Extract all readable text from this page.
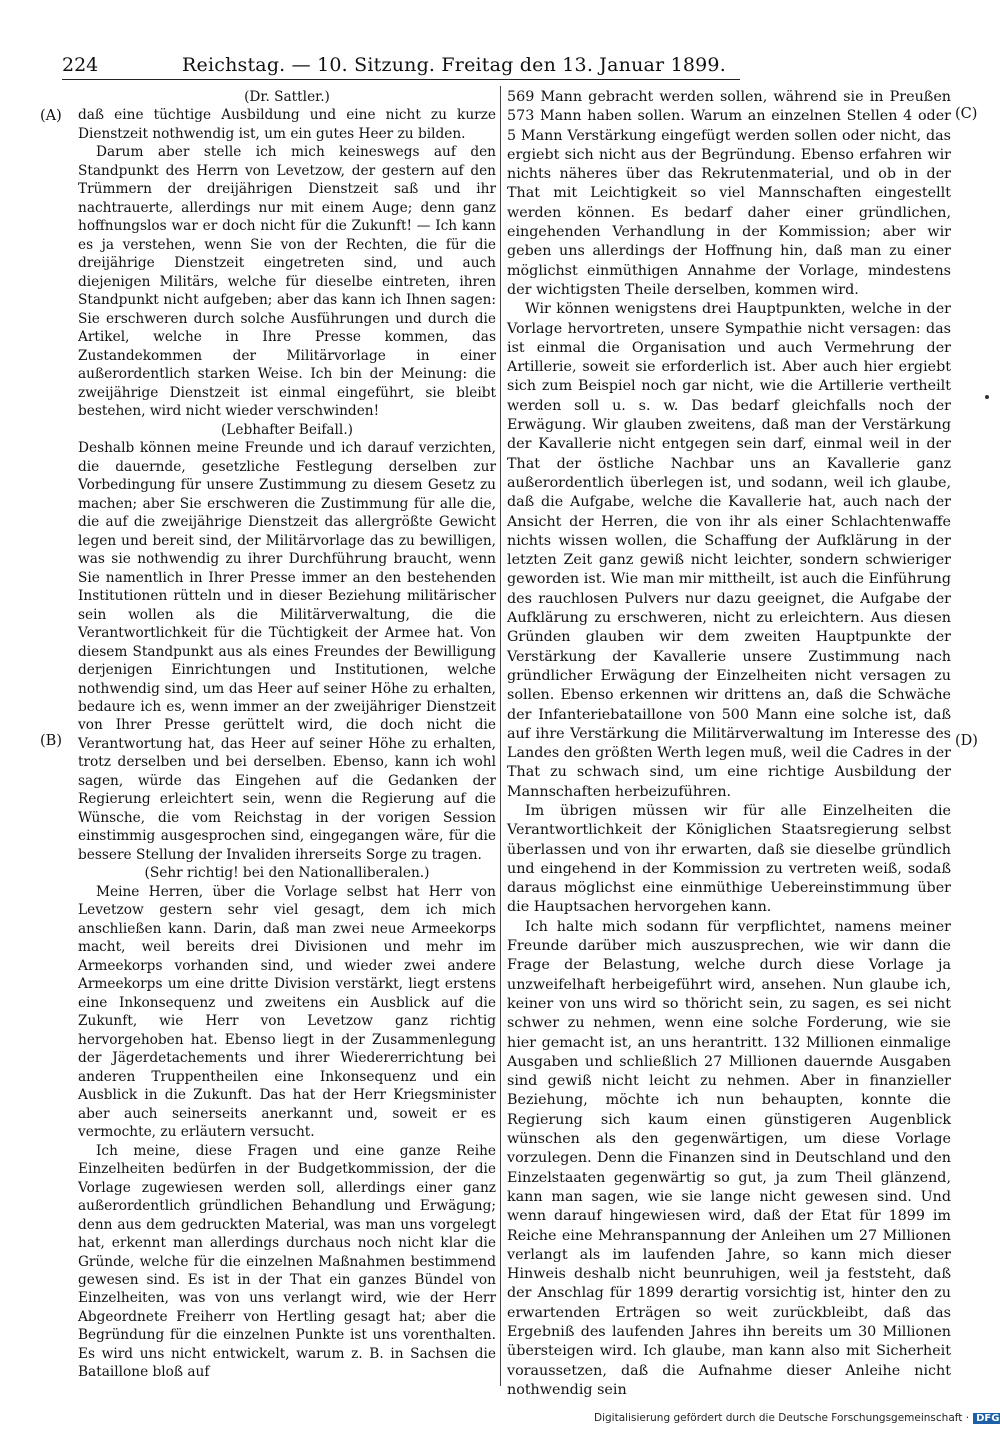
224	Reichstag. — 10. Sitzung. Freitag den 13. Januar 1899.
(A)
(B)
(C)
(D)

(Dr. Sattler.)

daß eine tüchtige Ausbildung und eine nicht zu kurze Dienstzeit nothwendig ist, um ein gutes Heer zu bilden.

Darum aber stelle ich mich keineswegs auf den Standpunkt des Herrn von Levetzow, der gestern auf den Trümmern der dreijährigen Dienstzeit saß und ihr nachtrauerte, allerdings nur mit einem Auge; denn ganz hoffnungslos war er doch nicht für die Zukunft! — Ich kann es ja verstehen, wenn Sie von der Rechten, die für die dreijährige Dienstzeit eingetreten sind, und auch diejenigen Militärs, welche für dieselbe eintreten, ihren Standpunkt nicht aufgeben; aber das kann ich Ihnen sagen: Sie erschweren durch solche Ausführungen und durch die Artikel, welche in Ihre Presse kommen, das Zustandekommen der Militärvorlage in einer außerordentlich starken Weise. Ich bin der Meinung: die zweijährige Dienstzeit ist einmal eingeführt, sie bleibt bestehen, wird nicht wieder verschwinden!

(Lebhafter Beifall.)

Deshalb können meine Freunde und ich darauf verzichten, die dauernde, gesetzliche Festlegung derselben zur Vorbedingung für unsere Zustimmung zu diesem Gesetz zu machen; aber Sie erschweren die Zustimmung für alle die, die auf die zweijährige Dienstzeit das allergrößte Gewicht legen und bereit sind, der Militärvorlage das zu bewilligen, was sie nothwendig zu ihrer Durchführung braucht, wenn Sie namentlich in Ihrer Presse immer an den bestehenden Institutionen rütteln und in dieser Beziehung militärischer sein wollen als die Militärverwaltung, die die Verantwortlichkeit für die Tüchtigkeit der Armee hat. Von diesem Standpunkt aus als eines Freundes der Bewilligung derjenigen Einrichtungen und Institutionen, welche nothwendig sind, um das Heer auf seiner Höhe zu erhalten, bedaure ich es, wenn immer an der zweijähriger Dienstzeit von Ihrer Presse gerüttelt wird, die doch nicht die Verantwortung hat, das Heer auf seiner Höhe zu erhalten, trotz derselben und bei derselben. Ebenso, kann ich wohl sagen, würde das Eingehen auf die Gedanken der Regierung erleichtert sein, wenn die Regierung auf die Wünsche, die vom Reichstag in der vorigen Session einstimmig ausgesprochen sind, eingegangen wäre, für die bessere Stellung der Invaliden ihrerseits Sorge zu tragen.

(Sehr richtig! bei den Nationalliberalen.)

Meine Herren, über die Vorlage selbst hat Herr von Levetzow gestern sehr viel gesagt, dem ich mich anschließen kann. Darin, daß man zwei neue Armeekorps macht, weil bereits drei Divisionen und mehr im Armeekorps vorhanden sind, und wieder zwei andere Armeekorps um eine dritte Division verstärkt, liegt erstens eine Inkonsequenz und zweitens ein Ausblick auf die Zukunft, wie Herr von Levetzow ganz richtig hervorgehoben hat. Ebenso liegt in der Zusammenlegung der Jägerdetachements und ihrer Wiedererrichtung bei anderen Truppentheilen eine Inkonsequenz und ein Ausblick in die Zukunft. Das hat der Herr Kriegsminister aber auch seinerseits anerkannt und, soweit er es vermochte, zu erläutern versucht.

Ich meine, diese Fragen und eine ganze Reihe Einzelheiten bedürfen in der Budgetkommission, der die Vorlage zugewiesen werden soll, allerdings einer ganz außerordentlich gründlichen Behandlung und Erwägung; denn aus dem gedruckten Material, was man uns vorgelegt hat, erkennt man allerdings durchaus noch nicht klar die Gründe, welche für die einzelnen Maßnahmen bestimmend gewesen sind. Es ist in der That ein ganzes Bündel von Einzelheiten, was von uns verlangt wird, wie der Herr Abgeordnete Freiherr von Hertling gesagt hat; aber die Begründung für die einzelnen Punkte ist uns vorenthalten. Es wird uns nicht entwickelt, warum z. B. in Sachsen die Bataillone bloß auf

569 Mann gebracht werden sollen, während sie in Preußen 573 Mann haben sollen. Warum an einzelnen Stellen 4 oder 5 Mann Verstärkung eingefügt werden sollen oder nicht, das ergiebt sich nicht aus der Begründung. Ebenso erfahren wir nichts näheres über das Rekrutenmaterial, und ob in der That mit Leichtigkeit so viel Mannschaften eingestellt werden können. Es bedarf daher einer gründlichen, eingehenden Verhandlung in der Kommission; aber wir geben uns allerdings der Hoffnung hin, daß man zu einer möglichst einmüthigen Annahme der Vorlage, mindestens der wichtigsten Theile derselben, kommen wird.

Wir können wenigstens drei Hauptpunkten, welche in der Vorlage hervortreten, unsere Sympathie nicht versagen: das ist einmal die Organisation und auch Vermehrung der Artillerie, soweit sie erforderlich ist. Aber auch hier ergiebt sich zum Beispiel noch gar nicht, wie die Artillerie vertheilt werden soll u. s. w. Das bedarf gleichfalls noch der Erwägung. Wir glauben zweitens, daß man der Verstärkung der Kavallerie nicht entgegen sein darf, einmal weil in der That der östliche Nachbar uns an Kavallerie ganz außerordentlich überlegen ist, und sodann, weil ich glaube, daß die Aufgabe, welche die Kavallerie hat, auch nach der Ansicht der Herren, die von ihr als einer Schlachtenwaffe nichts wissen wollen, die Schaffung der Aufklärung in der letzten Zeit ganz gewiß nicht leichter, sondern schwieriger geworden ist. Wie man mir mittheilt, ist auch die Einführung des rauchlosen Pulvers nur dazu geeignet, die Aufgabe der Aufklärung zu erschweren, nicht zu erleichtern. Aus diesen Gründen glauben wir dem zweiten Hauptpunkte der Verstärkung der Kavallerie unsere Zustimmung nach gründlicher Erwägung der Einzelheiten nicht versagen zu sollen. Ebenso erkennen wir drittens an, daß die Schwäche der Infanteriebataillone von 500 Mann eine solche ist, daß auf ihre Verstärkung die Militärverwaltung im Interesse des Landes den größten Werth legen muß, weil die Cadres in der That zu schwach sind, um eine richtige Ausbildung der Mannschaften herbeizuführen.

Im übrigen müssen wir für alle Einzelheiten die Verantwortlichkeit der Königlichen Staatsregierung selbst überlassen und von ihr erwarten, daß sie dieselbe gründlich und eingehend in der Kommission zu vertreten weiß, sodaß daraus möglichst eine einmüthige Uebereinstimmung über die Hauptsachen hervorgehen kann.

Ich halte mich sodann für verpflichtet, namens meiner Freunde darüber mich auszusprechen, wie wir dann die Frage der Belastung, welche durch diese Vorlage ja unzweifelhaft herbeigeführt wird, ansehen. Nun glaube ich, keiner von uns wird so thöricht sein, zu sagen, es sei nicht schwer zu nehmen, wenn eine solche Forderung, wie sie hier gemacht ist, an uns herantritt. 132 Millionen einmalige Ausgaben und schließlich 27 Millionen dauernde Ausgaben sind gewiß nicht leicht zu nehmen. Aber in finanzieller Beziehung, möchte ich nun behaupten, konnte die Regierung sich kaum einen günstigeren Augenblick wünschen als den gegenwärtigen, um diese Vorlage vorzulegen. Denn die Finanzen sind in Deutschland und den Einzelstaaten gegenwärtig so gut, ja zum Theil glänzend, kann man sagen, wie sie lange nicht gewesen sind. Und wenn darauf hingewiesen wird, daß der Etat für 1899 im Reiche eine Mehranspannung der Anleihen um 27 Millionen verlangt als im laufenden Jahre, so kann mich dieser Hinweis deshalb nicht beunruhigen, weil ja feststeht, daß der Anschlag für 1899 derartig vorsichtig ist, hinter den zu erwartenden Erträgen so weit zurückbleibt, daß das Ergebniß des laufenden Jahres ihn bereits um 30 Millionen übersteigen wird. Ich glaube, man kann also mit Sicherheit voraussetzen, daß die Aufnahme dieser Anleihe nicht nothwendig sein

Digitalisierung gefördert durch die Deutsche Forschungsgemeinschaft · DFG
